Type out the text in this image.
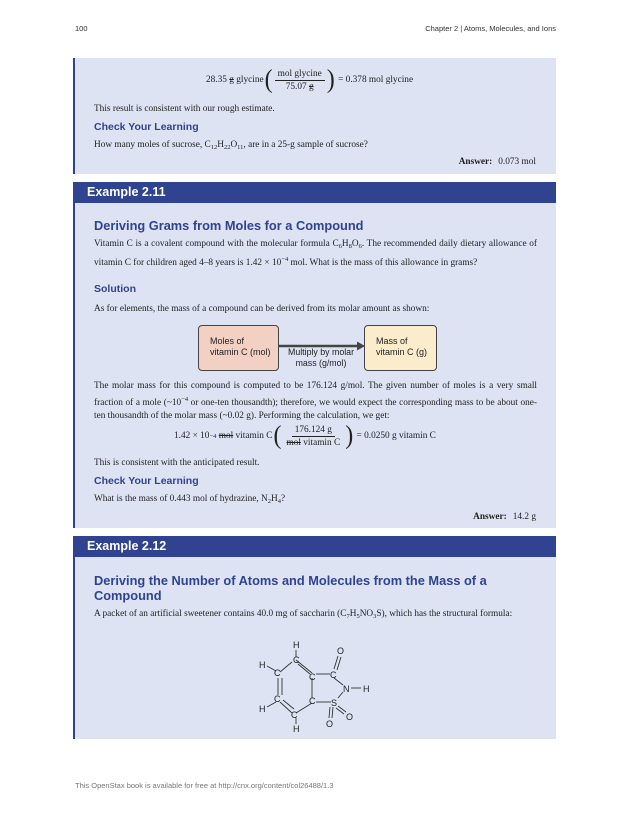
100	Chapter 2 | Atoms, Molecules, and Ions
28.35
g
glycine ( $\frac{\text{mol glycine}}{75.07 g}$ )
=
0.378 mol glycine
This result is consistent with our rough estimate.
Check Your Learning
How many moles of sucrose, $C_{12}H_{22}O_{11}$, are in a 25-g sample of sucrose?
Answer: 0.073 mol
Example 2.11
Deriving Grams from Moles for a Compound
Vitamin C is a covalent compound with the molecular formula $C_6H_8O_6$. The recommended daily dietary allowance of vitamin C for children aged 4–8 years is $1.42 \times 10^{-4}$ mol. What is the mass of this allowance in grams?
Solution
As for elements, the mass of a compound can be derived from its molar amount as shown:
Moles of
vitamin C (mol)	Multiply by molar
mass (g/mol)
Mass of
vitamin C (g)
The molar mass for this compound is computed to be 176.124 g/mol. The given number of moles is a very small fraction of a mole ($\sim 10^{-4}$ or one-ten thousandth); therefore, we would expect the corresponding mass to be about one-ten thousandth of the molar mass (~0.02 g). Performing the calculation, we get:
1.42 × 10 −4
mol
vitamin C ( $\frac{176.124 g}{\text{mol vitamin C}}$ )
=
0.0250 g vitamin C
This is consistent with the anticipated result.
Check Your Learning
What is the mass of 0.443 mol of hydrazine, $N_2H_4$?
Answer: 14.2 g
Example 2.12
Deriving the Number of Atoms and Molecules from the Mass of a Compound
A packet of an artificial sweetener contains 40.0 mg of saccharin $(C_7H_5NO_3S)$, which has the structural formula:
H
C
C
C
C
C
C
H
H
H
C
O
N H
S
O
O
This OpenStax book is available for free at http://cnx.org/content/col26488/1.3
